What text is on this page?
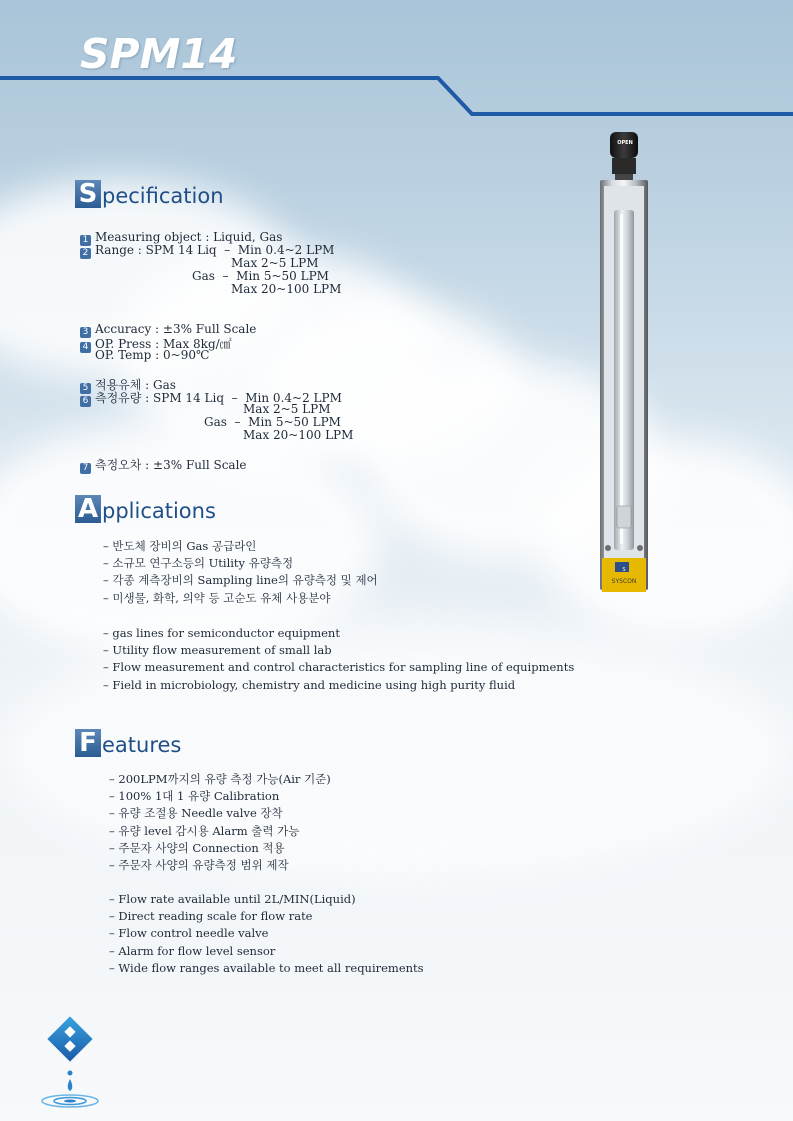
SPM14
S pecification
1 Measuring object : Liquid, Gas
2 Range : SPM 14 Liq  –  Min 0.4~2 LPM
Max 2~5 LPM
Gas  –  Min 5~50 LPM
Max 20~100 LPM
3 Accuracy : ±3% Full Scale
4 OP. Press : Max 8kg/㎠
OP. Temp : 0~90℃
5 적용유체 : Gas
6 측정유량 : SPM 14 Liq  –  Min 0.4~2 LPM
Max 2~5 LPM
Gas  –  Min 5~50 LPM
Max 20~100 LPM
7 측정오차 : ±3% Full Scale
A pplications
– 반도체 장비의 Gas 공급라인
– 소규모 연구소등의 Utility 유량측정
– 각종 계측장비의 Sampling line의 유량측정 및 제어
– 미생물, 화학, 의약 등 고순도 유체 사용분야
– gas lines for semiconductor equipment
– Utility flow measurement of small lab
– Flow measurement and control characteristics for sampling line of equipments
– Field in microbiology, chemistry and medicine using high purity fluid
F eatures
– 200LPM까지의 유량 측정 가능(Air 기준)
– 100% 1대 1 유량 Calibration
– 유량 조절용 Needle valve 장착
– 유량 level 감시용 Alarm 출력 가능
– 주문자 사양의 Connection 적용
– 주문자 사양의 유량측정 범위 제작
– Flow rate available until 2L/MIN(Liquid)
– Direct reading scale for flow rate
– Flow control needle valve
– Alarm for flow level sensor
– Wide flow ranges available to meet all requirements
S
OPEN
SYSCON
